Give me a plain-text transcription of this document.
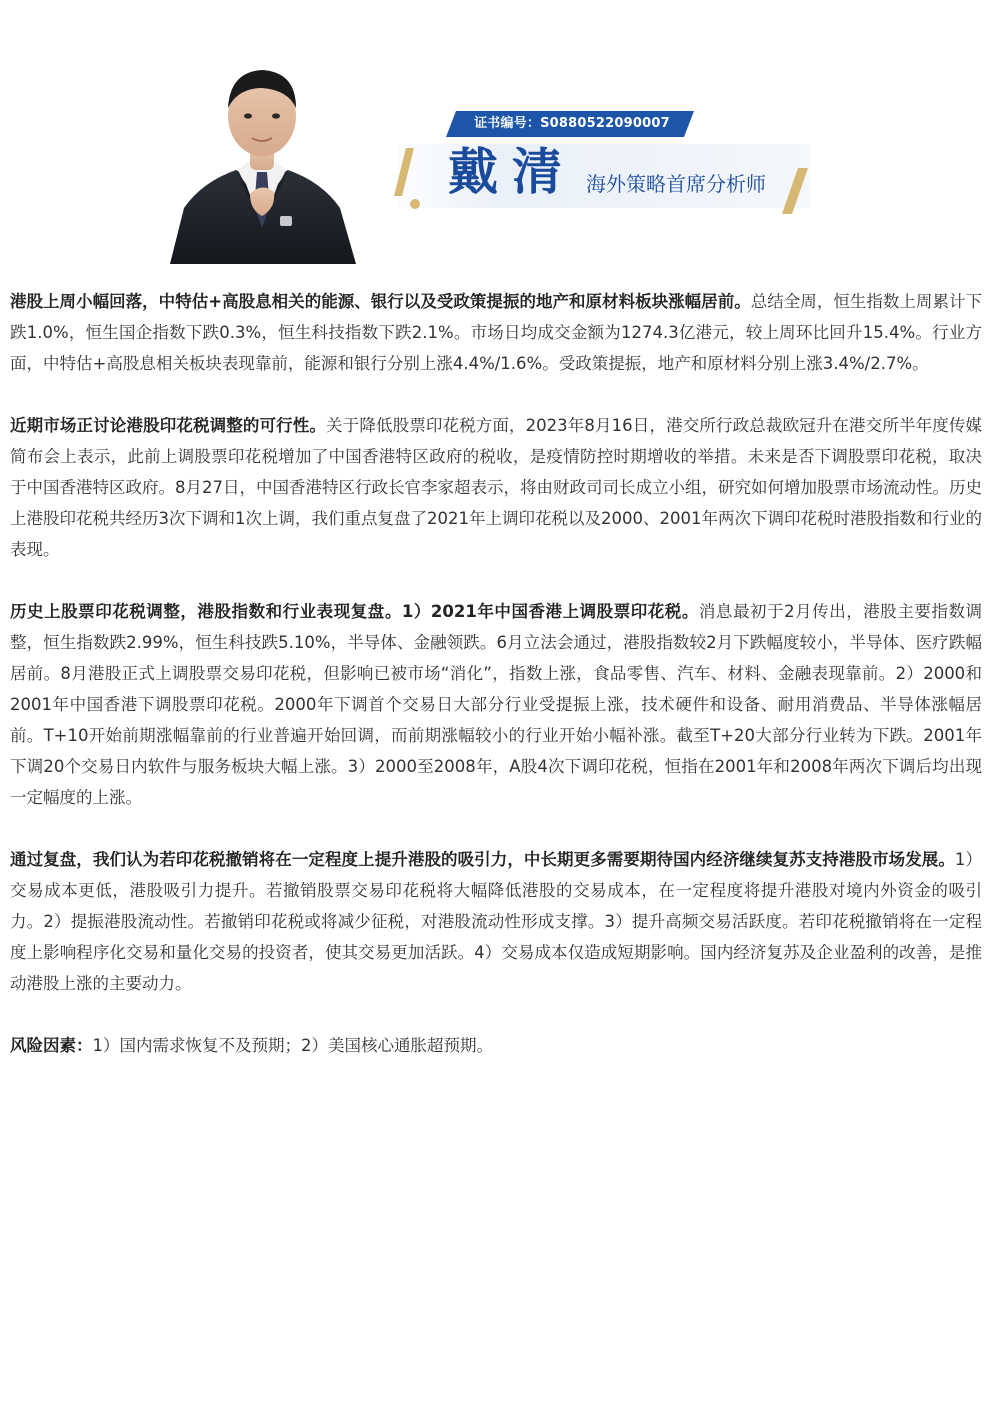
证书编号：S0880522090007
戴清 海外策略首席分析师

港股上周小幅回落，中特估+高股息相关的能源、银行以及受政策提振的地产和原材料板块涨幅居前。总结全周，恒生指数上周累计下跌1.0%，恒生国企指数下跌0.3%，恒生科技指数下跌2.1%。市场日均成交金额为1274.3亿港元，较上周环比回升15.4%。行业方面，中特估+高股息相关板块表现靠前，能源和银行分别上涨4.4%/1.6%。受政策提振，地产和原材料分别上涨3.4%/2.7%。

近期市场正讨论港股印花税调整的可行性。关于降低股票印花税方面，2023年8月16日，港交所行政总裁欧冠升在港交所半年度传媒简布会上表示，此前上调股票印花税增加了中国香港特区政府的税收，是疫情防控时期增收的举措。未来是否下调股票印花税，取决于中国香港特区政府。8月27日，中国香港特区行政长官李家超表示，将由财政司司长成立小组，研究如何增加股票市场流动性。历史上港股印花税共经历3次下调和1次上调，我们重点复盘了2021年上调印花税以及2000、2001年两次下调印花税时港股指数和行业的表现。

历史上股票印花税调整，港股指数和行业表现复盘。1）2021年中国香港上调股票印花税。消息最初于2月传出，港股主要指数调整，恒生指数跌2.99%，恒生科技跌5.10%，半导体、金融领跌。6月立法会通过，港股指数较2月下跌幅度较小，半导体、医疗跌幅居前。8月港股正式上调股票交易印花税，但影响已被市场“消化”，指数上涨，食品零售、汽车、材料、金融表现靠前。2）2000和2001年中国香港下调股票印花税。2000年下调首个交易日大部分行业受提振上涨，技术硬件和设备、耐用消费品、半导体涨幅居前。T+10开始前期涨幅靠前的行业普遍开始回调，而前期涨幅较小的行业开始小幅补涨。截至T+20大部分行业转为下跌。2001年下调20个交易日内软件与服务板块大幅上涨。3）2000至2008年，A股4次下调印花税，恒指在2001年和2008年两次下调后均出现一定幅度的上涨。

通过复盘，我们认为若印花税撤销将在一定程度上提升港股的吸引力，中长期更多需要期待国内经济继续复苏支持港股市场发展。1）交易成本更低，港股吸引力提升。若撤销股票交易印花税将大幅降低港股的交易成本，在一定程度将提升港股对境内外资金的吸引力。2）提振港股流动性。若撤销印花税或将减少征税，对港股流动性形成支撑。3）提升高频交易活跃度。若印花税撤销将在一定程度上影响程序化交易和量化交易的投资者，使其交易更加活跃。4）交易成本仅造成短期影响。国内经济复苏及企业盈利的改善，是推动港股上涨的主要动力。

风险因素：1）国内需求恢复不及预期；2）美国核心通胀超预期。
